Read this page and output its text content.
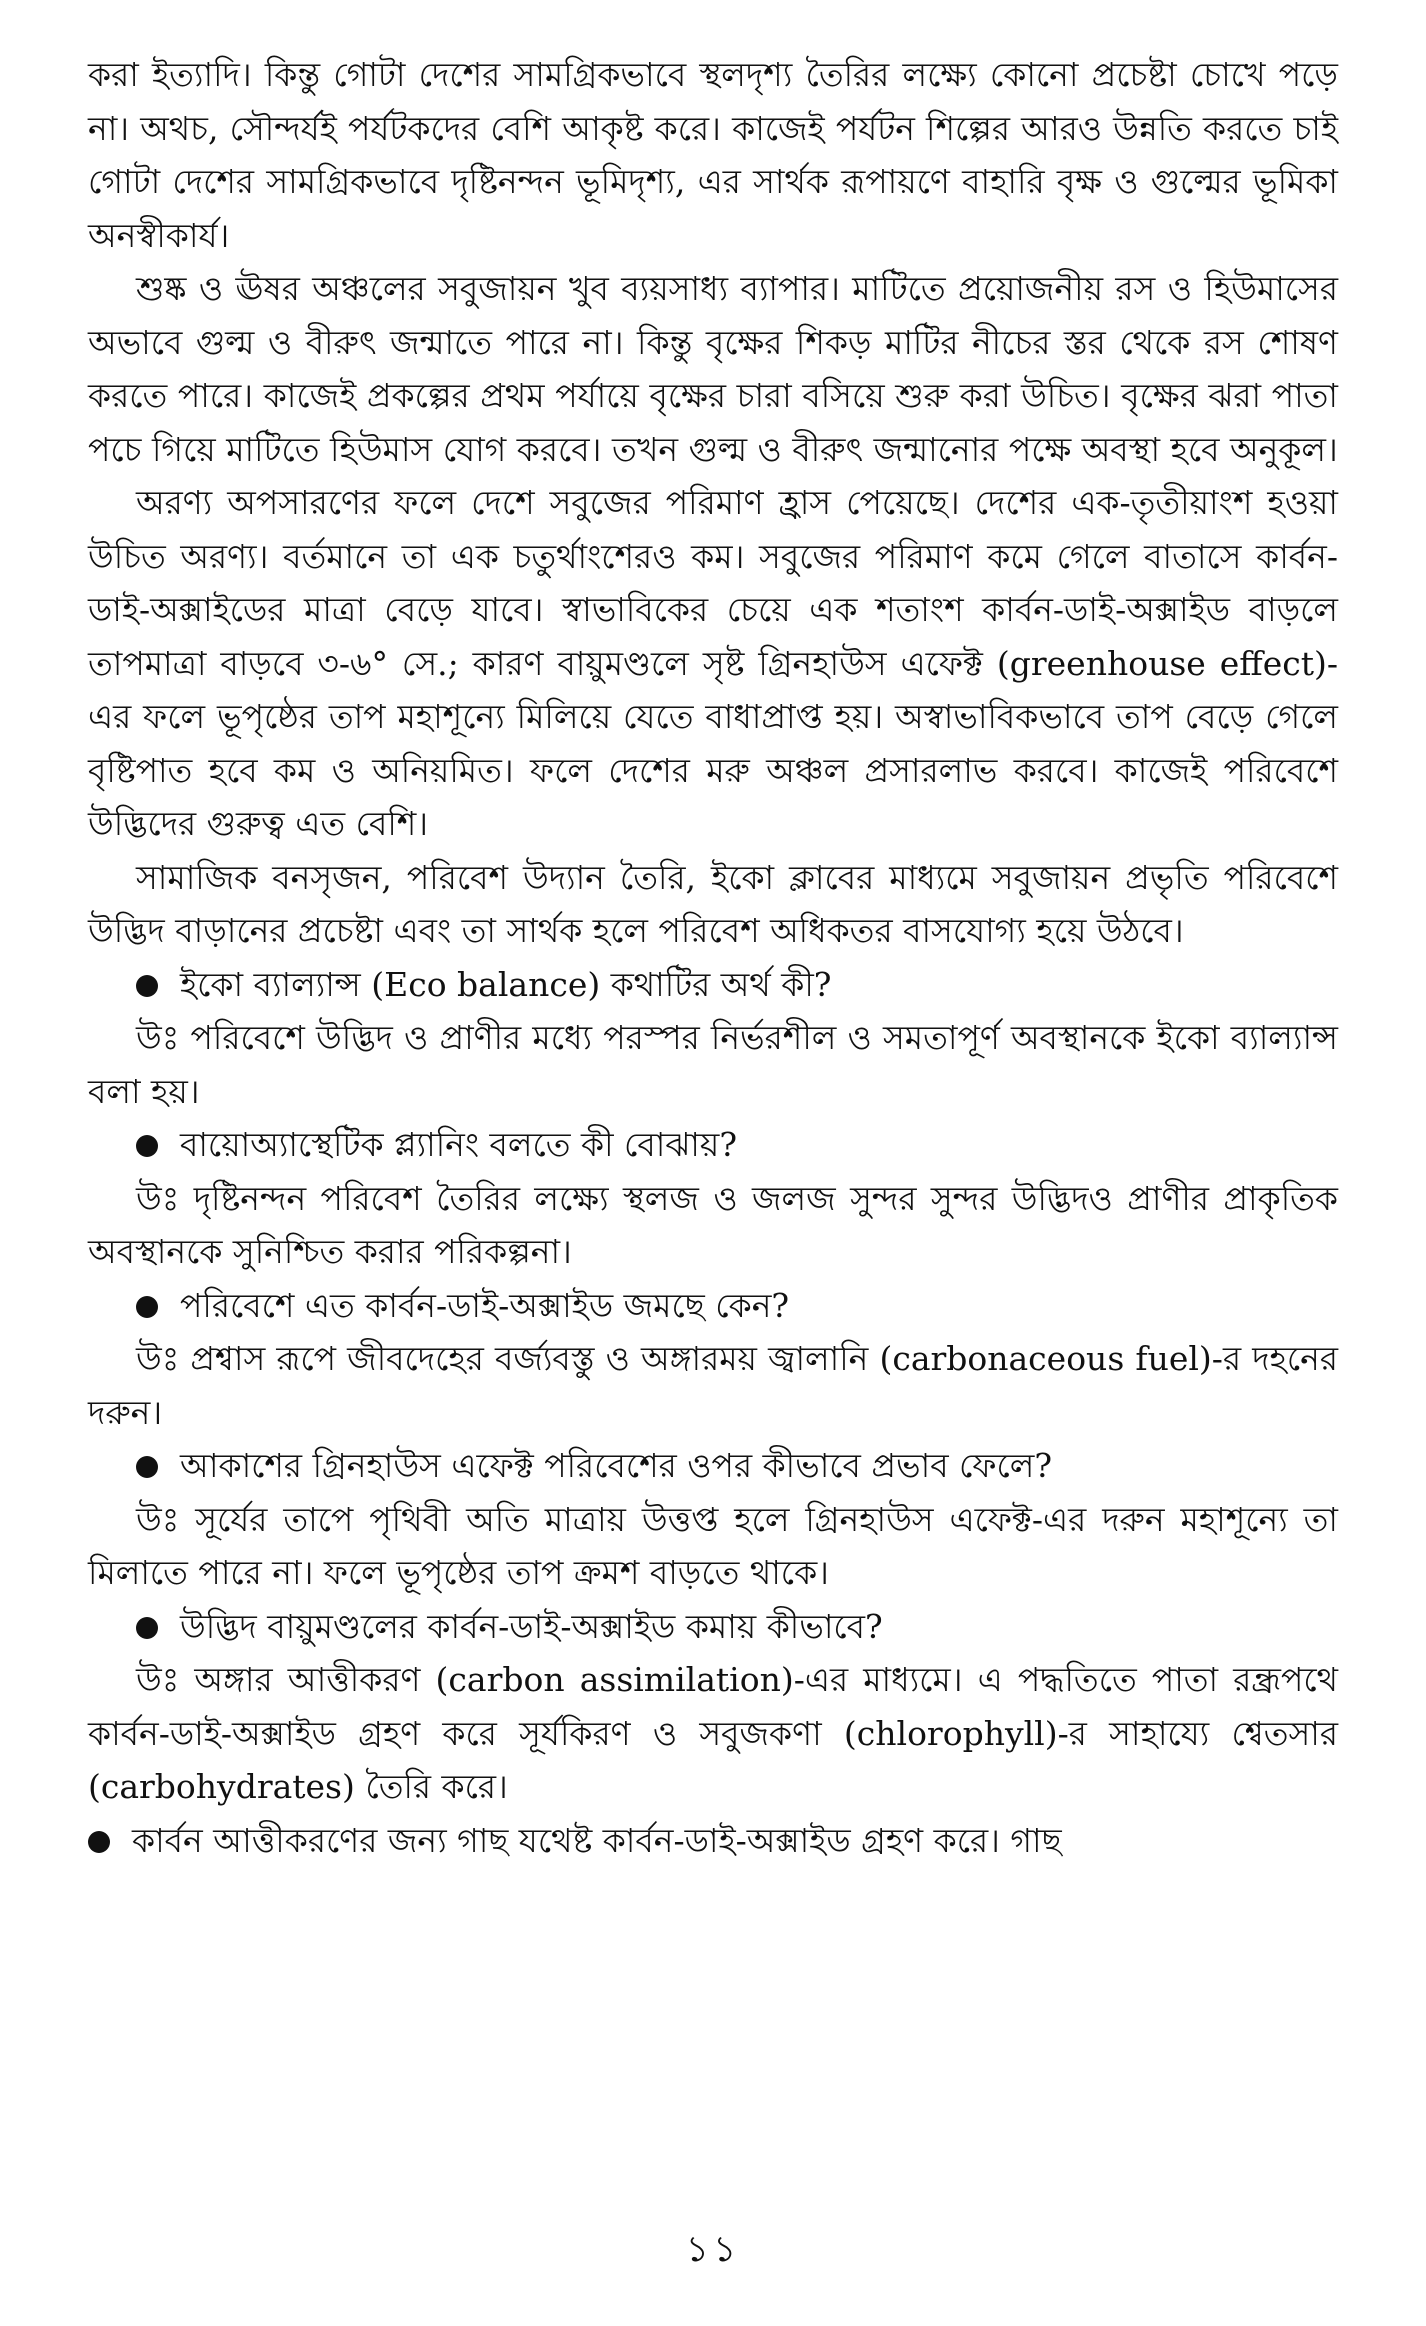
করা ইত্যাদি। কিন্তু গোটা দেশের সামগ্রিকভাবে স্থলদৃশ্য তৈরির লক্ষ্যে কোনো প্রচেষ্টা চোখে পড়ে না। অথচ, সৌন্দর্যই পর্যটকদের বেশি আকৃষ্ট করে। কাজেই পর্যটন শিল্পের আরও উন্নতি করতে চাই গোটা দেশের সামগ্রিকভাবে দৃষ্টিনন্দন ভূমিদৃশ্য, এর সার্থক রূপায়ণে বাহারি বৃক্ষ ও গুল্মের ভূমিকা অনস্বীকার্য।

শুষ্ক ও ঊষর অঞ্চলের সবুজায়ন খুব ব্যয়সাধ্য ব্যাপার। মাটিতে প্রয়োজনীয় রস ও হিউমাসের অভাবে গুল্ম ও বীরুৎ জন্মাতে পারে না। কিন্তু বৃক্ষের শিকড় মাটির নীচের স্তর থেকে রস শোষণ করতে পারে। কাজেই প্রকল্পের প্রথম পর্যায়ে বৃক্ষের চারা বসিয়ে শুরু করা উচিত। বৃক্ষের ঝরা পাতা পচে গিয়ে মাটিতে হিউমাস যোগ করবে। তখন গুল্ম ও বীরুৎ জন্মানোর পক্ষে অবস্থা হবে অনুকূল।

অরণ্য অপসারণের ফলে দেশে সবুজের পরিমাণ হ্রাস পেয়েছে। দেশের এক-তৃতীয়াংশ হওয়া উচিত অরণ্য। বর্তমানে তা এক চতুর্থাংশেরও কম। সবুজের পরিমাণ কমে গেলে বাতাসে কার্বন-ডাই-অক্সাইডের মাত্রা বেড়ে যাবে। স্বাভাবিকের চেয়ে এক শতাংশ কার্বন-ডাই-অক্সাইড বাড়লে তাপমাত্রা বাড়বে ৩-৬° সে.; কারণ বায়ুমণ্ডলে সৃষ্ট গ্রিনহাউস এফেক্ট (greenhouse effect)-এর ফলে ভূপৃষ্ঠের তাপ মহাশূন্যে মিলিয়ে যেতে বাধাপ্রাপ্ত হয়। অস্বাভাবিকভাবে তাপ বেড়ে গেলে বৃষ্টিপাত হবে কম ও অনিয়মিত। ফলে দেশের মরু অঞ্চল প্রসারলাভ করবে। কাজেই পরিবেশে উদ্ভিদের গুরুত্ব এত বেশি।

সামাজিক বনসৃজন, পরিবেশ উদ্যান তৈরি, ইকো ক্লাবের মাধ্যমে সবুজায়ন প্রভৃতি পরিবেশে উদ্ভিদ বাড়ানের প্রচেষ্টা এবং তা সার্থক হলে পরিবেশ অধিকতর বাসযোগ্য হয়ে উঠবে।

ইকো ব্যাল্যান্স (Eco balance) কথাটির অর্থ কী?

উঃ পরিবেশে উদ্ভিদ ও প্রাণীর মধ্যে পরস্পর নির্ভরশীল ও সমতাপূর্ণ অবস্থানকে ইকো ব্যাল্যান্স বলা হয়।

বায়োঅ্যাস্থেটিক প্ল্যানিং বলতে কী বোঝায়?

উঃ দৃষ্টিনন্দন পরিবেশ তৈরির লক্ষ্যে স্থলজ ও জলজ সুন্দর সুন্দর উদ্ভিদও প্রাণীর প্রাকৃতিক অবস্থানকে সুনিশ্চিত করার পরিকল্পনা।

পরিবেশে এত কার্বন-ডাই-অক্সাইড জমছে কেন?

উঃ প্রশ্বাস রূপে জীবদেহের বর্জ্যবস্তু ও অঙ্গারময় জ্বালানি (carbonaceous fuel)-র দহনের দরুন।

আকাশের গ্রিনহাউস এফেক্ট পরিবেশের ওপর কীভাবে প্রভাব ফেলে?

উঃ সূর্যের তাপে পৃথিবী অতি মাত্রায় উত্তপ্ত হলে গ্রিনহাউস এফেক্ট-এর দরুন মহাশূন্যে তা মিলাতে পারে না। ফলে ভূপৃষ্ঠের তাপ ক্রমশ বাড়তে থাকে।

উদ্ভিদ বায়ুমণ্ডলের কার্বন-ডাই-অক্সাইড কমায় কীভাবে?

উঃ অঙ্গার আত্তীকরণ (carbon assimilation)-এর মাধ্যমে। এ পদ্ধতিতে পাতা রন্ধ্রপথে কার্বন-ডাই-অক্সাইড গ্রহণ করে সূর্যকিরণ ও সবুজকণা (chlorophyll)-র সাহায্যে শ্বেতসার (carbohydrates) তৈরি করে।

কার্বন আত্তীকরণের জন্য গাছ যথেষ্ট কার্বন-ডাই-অক্সাইড গ্রহণ করে। গাছ
১১
